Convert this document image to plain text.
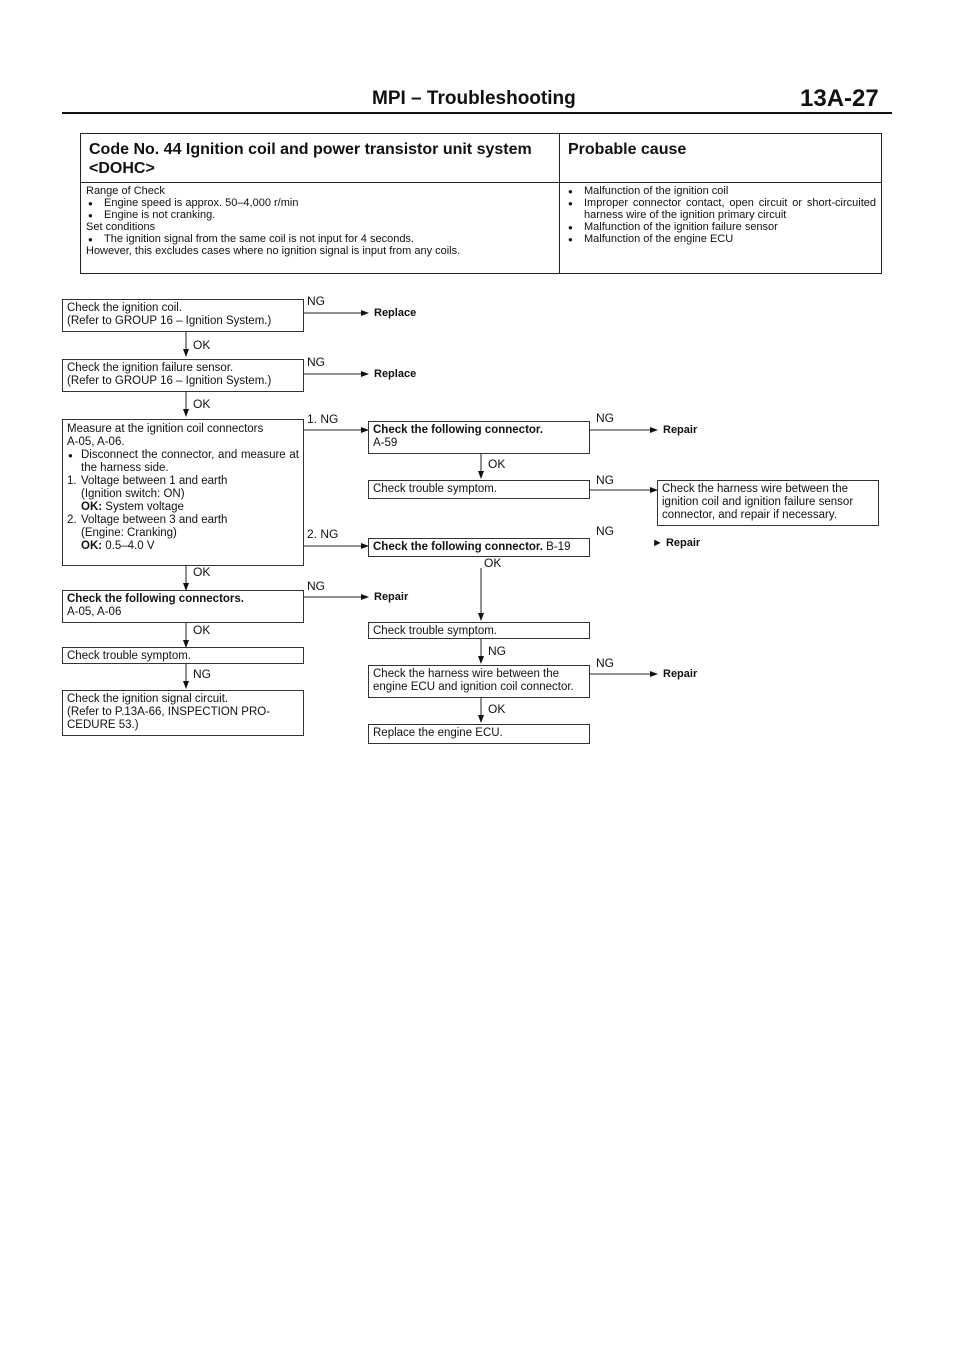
MPI – Troubleshooting	13A-27
Code No. 44 Ignition coil and power transistor unit system
<DOHC>
Probable cause
Range of Check
● Engine speed is approx. 50–4,000 r/min
● Engine is not cranking.
Set conditions
● The ignition signal from the same coil is not input for 4 seconds.
However, this excludes cases where no ignition signal is input from any coils.
● Malfunction of the ignition coil
● Improper connector contact, open circuit or short-circuited harness wire of the ignition primary circuit
● Malfunction of the ignition failure sensor
● Malfunction of the engine ECU
Check the ignition coil.
(Refer to GROUP 16 – Ignition System.)
Check the ignition failure sensor.
(Refer to GROUP 16 – Ignition System.)
Measure at the ignition coil connectors
A-05, A-06.
● Disconnect the connector, and measure at the harness side.
1. Voltage between 1 and earth
(Ignition switch: ON)
OK: System voltage
2. Voltage between 3 and earth
(Engine: Cranking)
OK: 0.5–4.0 V
Check the following connectors.
A-05, A-06
Check trouble symptom.
Check the ignition signal circuit.
(Refer to P.13A-66, INSPECTION PRO-
CEDURE 53.)
Check the following connector.
A-59
Check trouble symptom.
Check the following connector. B-19
Check trouble symptom.
Check the harness wire between the
engine ECU and ignition coil connector.
Replace the engine ECU.
Check the harness wire between the
ignition coil and ignition failure sensor
connector, and repair if necessary.
OK
OK
OK
OK
NG
NG
NG
1. NG
2. NG
NG
OK
OK
NG
OK
NG
NG
NG
NG
Replace
Replace
Repair
Repair
► Repair
Repair
